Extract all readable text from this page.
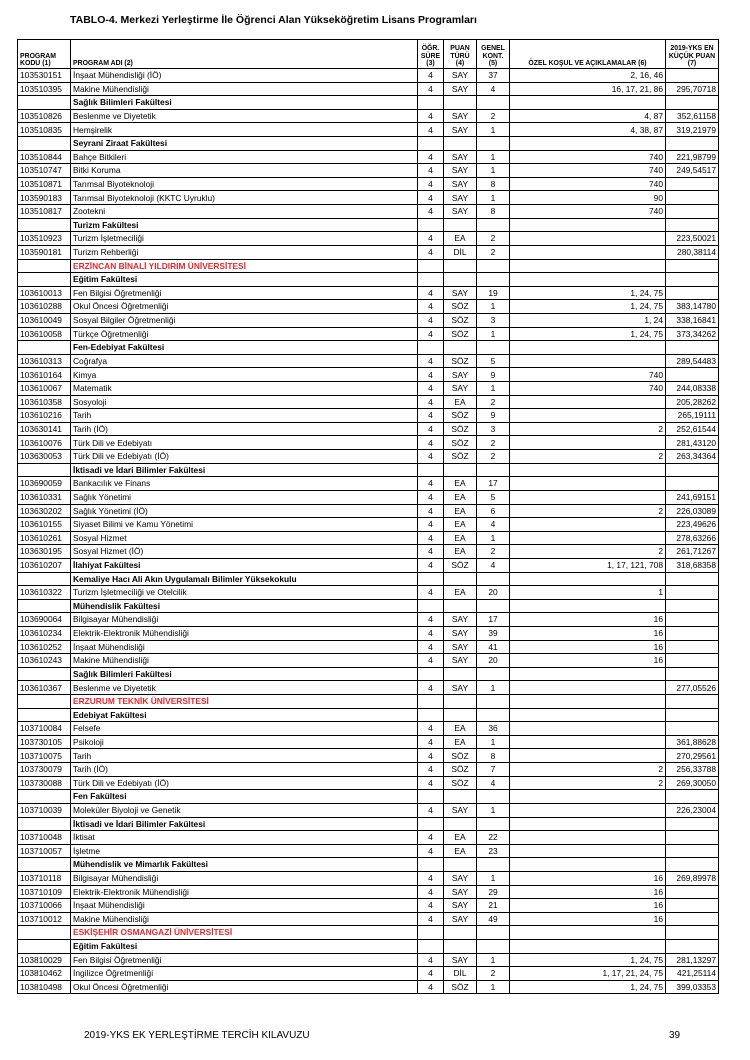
TABLO-4. Merkezi Yerleştirme İle Öğrenci Alan Yükseköğretim Lisans Programları
PROGRAM KODU (1)	PROGRAM ADI (2)	ÖĞR. SÜRE (3)	PUAN TÜRÜ (4)	GENEL KONT. (5)	ÖZEL KOŞUL VE AÇIKLAMALAR (6)	2019-YKS EN KÜÇÜK PUAN (7)
103530151	İnşaat Mühendisliği (İÖ)	4	SAY	37	2, 16, 46	
103510395	Makine Mühendisliği	4	SAY	4	16, 17, 21, 86	295,70718
	Sağlık Bilimleri Fakültesi					
103510826	Beslenme ve Diyetetik	4	SAY	2	4, 87	352,61158
103510835	Hemşirelik	4	SAY	1	4, 38, 87	319,21979
	Seyrani Ziraat Fakültesi					
103510844	Bahçe Bitkileri	4	SAY	1	740	221,98799
103510747	Bitki Koruma	4	SAY	1	740	249,54517
103510871	Tarımsal Biyoteknoloji	4	SAY	8	740	
103590183	Tarımsal Biyoteknoloji (KKTC Uyruklu)	4	SAY	1	90	
103510817	Zootekni	4	SAY	8	740	
	Turizm Fakültesi					
103510923	Turizm İşletmeciliği	4	EA	2		223,50021
103590181	Turizm Rehberliği	4	DİL	2		280,38114
	ERZİNCAN BİNALİ YILDIRIM ÜNİVERSİTESİ					
	Eğitim Fakültesi					
103610013	Fen Bilgisi Öğretmenliği	4	SAY	19	1, 24, 75	
103610288	Okul Öncesi Öğretmenliği	4	SÖZ	1	1, 24, 75	383,14780
103610049	Sosyal Bilgiler Öğretmenliği	4	SÖZ	3	1, 24	338,16841
103610058	Türkçe Öğretmenliği	4	SÖZ	1	1, 24, 75	373,34262
	Fen-Edebiyat Fakültesi					
103610313	Coğrafya	4	SÖZ	5		289,54483
103610164	Kimya	4	SAY	9	740	
103610067	Matematik	4	SAY	1	740	244,08338
103610358	Sosyoloji	4	EA	2		205,28262
103610216	Tarih	4	SÖZ	9		265,19111
103630141	Tarih (İÖ)	4	SÖZ	3	2	252,61544
103610076	Türk Dili ve Edebiyatı	4	SÖZ	2		281,43120
103630053	Türk Dili ve Edebiyatı (İÖ)	4	SÖZ	2	2	263,34364
	İktisadi ve İdari Bilimler Fakültesi					
103690059	Bankacılık ve Finans	4	EA	17		
103610331	Sağlık Yönetimi	4	EA	5		241,69151
103630202	Sağlık Yönetimi (İÖ)	4	EA	6	2	226,03089
103610155	Siyaset Bilimi ve Kamu Yönetimi	4	EA	4		223,49626
103610261	Sosyal Hizmet	4	EA	1		278,63266
103630195	Sosyal Hizmet (İÖ)	4	EA	2	2	261,71267
103610207	İlahiyat Fakültesi	4	SÖZ	4	1, 17, 121, 708	318,68358
	Kemaliye Hacı Ali Akın Uygulamalı Bilimler Yüksekokulu					
103610322	Turizm İşletmeciliği ve Otelcilik	4	EA	20	1	
	Mühendislik Fakültesi					
103690064	Bilgisayar Mühendisliği	4	SAY	17	16	
103610234	Elektrik-Elektronik Mühendisliği	4	SAY	39	16	
103610252	İnşaat Mühendisliği	4	SAY	41	16	
103610243	Makine Mühendisliği	4	SAY	20	16	
	Sağlık Bilimleri Fakültesi					
103610367	Beslenme ve Diyetetik	4	SAY	1		277,05526
	ERZURUM TEKNİK ÜNİVERSİTESİ					
	Edebiyat Fakültesi					
103710084	Felsefe	4	EA	36		
103730105	Psikoloji	4	EA	1		361,88628
103710075	Tarih	4	SÖZ	8		270,29561
103730079	Tarih (İÖ)	4	SÖZ	7	2	256,33788
103730088	Türk Dili ve Edebiyatı (İÖ)	4	SÖZ	4	2	269,30050
	Fen Fakültesi					
103710039	Moleküler Biyoloji ve Genetik	4	SAY	1		226,23004
	İktisadi ve İdari Bilimler Fakültesi					
103710048	İktisat	4	EA	22		
103710057	İşletme	4	EA	23		
	Mühendislik ve Mimarlık Fakültesi					
103710118	Bilgisayar Mühendisliği	4	SAY	1	16	269,89978
103710109	Elektrik-Elektronik Mühendisliği	4	SAY	29	16	
103710066	İnşaat Mühendisliği	4	SAY	21	16	
103710012	Makine Mühendisliği	4	SAY	49	16	
	ESKİŞEHİR OSMANGAZİ ÜNİVERSİTESİ					
	Eğitim Fakültesi					
103810029	Fen Bilgisi Öğretmenliği	4	SAY	1	1, 24, 75	281,13297
103810462	İngilizce Öğretmenliği	4	DİL	2	1, 17, 21, 24, 75	421,25114
103810498	Okul Öncesi Öğretmenliği	4	SÖZ	1	1, 24, 75	399,03353
2019-YKS EK YERLEŞTİRME TERCİH KILAVUZU	39
